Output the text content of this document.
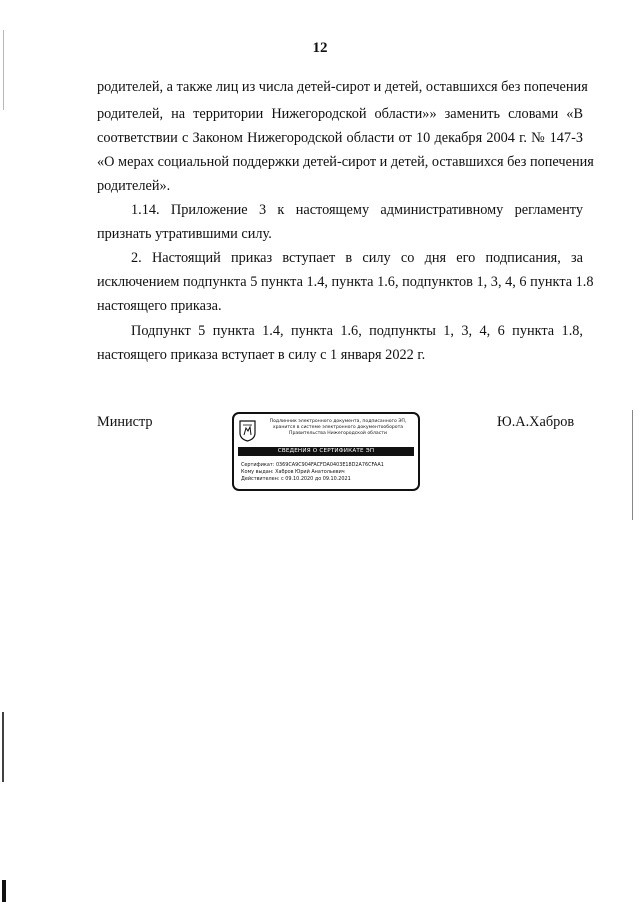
12
родителей, а также лиц из числа детей-сирот и детей, оставшихся без попечения
родителей, на территории Нижегородской области»» заменить словами «В
соответствии с Законом Нижегородской области от 10 декабря 2004 г. № 147-З
«О мерах социальной поддержки детей-сирот и детей, оставшихся без попечения
родителей».
1.14. Приложение 3 к настоящему административному регламенту
признать утратившими силу.
2. Настоящий приказ вступает в силу со дня его подписания, за
исключением подпункта 5 пункта 1.4, пункта 1.6, подпунктов 1, 3, 4, 6 пункта 1.8
настоящего приказа.
Подпункт 5 пункта 1.4, пункта 1.6, подпункты 1, 3, 4, 6 пункта 1.8,
настоящего приказа вступает в силу с 1 января 2022 г.
Министр	Ю.А.Хабров
Подлинник электронного документа, подписанного ЭП,
хранится в системе электронного документооборота
Правительства Нижегородской области
СВЕДЕНИЯ О СЕРТИФИКАТЕ ЭП
Сертификат: 0369CA9C904FACFDA0403E18D2A76CFAA1
Кому выдан: Хабров Юрий Анатольевич
Действителен: с 09.10.2020 до 09.10.2021
